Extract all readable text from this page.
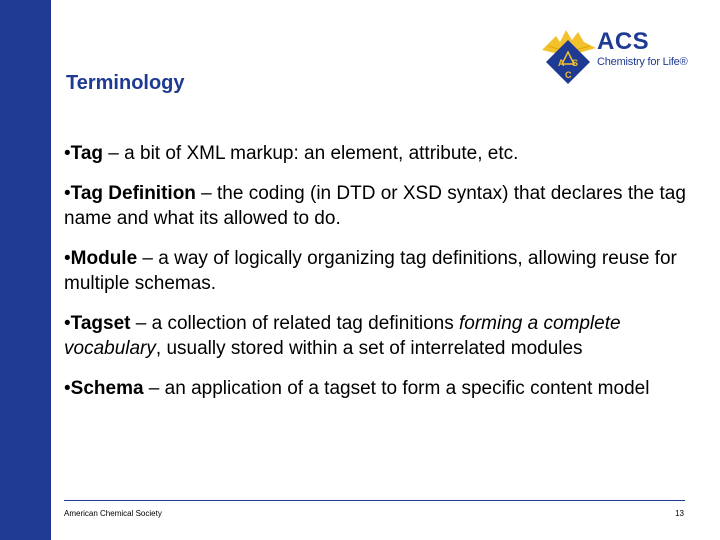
A S
C
ACS
Chemistry for Life®
Terminology

•Tag – a bit of XML markup: an element, attribute, etc.

•Tag Definition – the coding (in DTD or XSD syntax) that declares the tag name and what its allowed to do.

•Module – a way of logically organizing tag definitions, allowing reuse for multiple schemas.

•Tagset – a collection of related tag definitions forming a complete vocabulary, usually stored within a set of interrelated modules

•Schema – an application of a tagset to form a specific content model

American Chemical Society	13
